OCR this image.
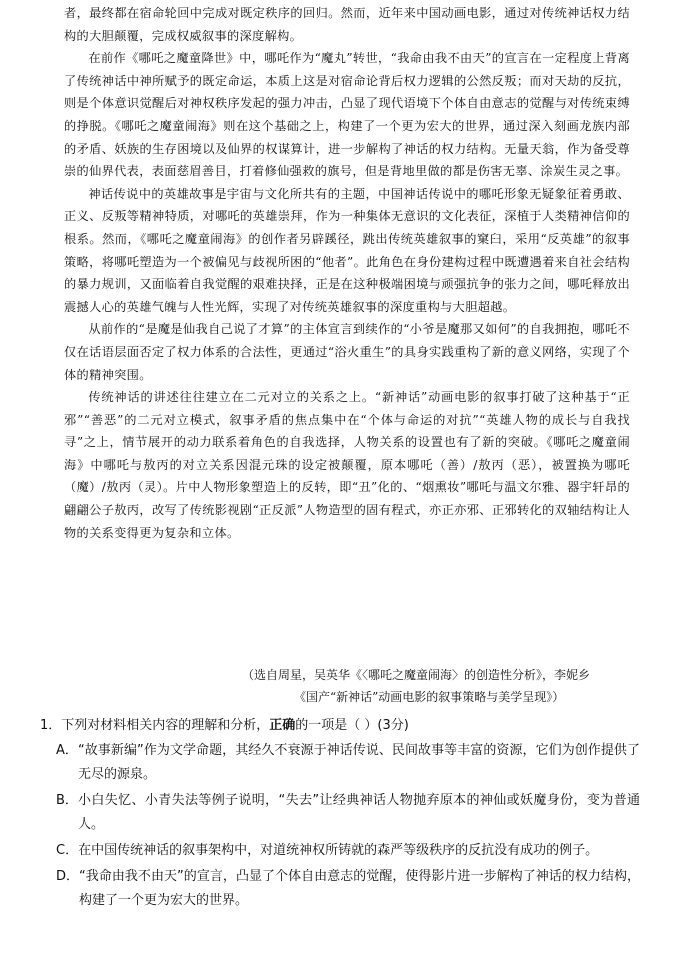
者，最终都在宿命轮回中完成对既定秩序的回归。然而，近年来中国动画电影，通过对传统神话权力结构的大胆颠覆，完成权威叙事的深度解构。

在前作《哪吒之魔童降世》中，哪吒作为“魔丸”转世，“我命由我不由天”的宣言在一定程度上背离了传统神话中神所赋予的既定命运，本质上这是对宿命论背后权力逻辑的公然反叛；而对天劫的反抗，则是个体意识觉醒后对神权秩序发起的强力冲击，凸显了现代语境下个体自由意志的觉醒与对传统束缚的挣脱。《哪吒之魔童闹海》则在这个基础之上，构建了一个更为宏大的世界，通过深入刻画龙族内部的矛盾、妖族的生存困境以及仙界的权谋算计，进一步解构了神话的权力结构。无量天翁，作为备受尊崇的仙界代表，表面慈眉善目，打着修仙强救的旗号，但是背地里做的都是伤害无辜、涂炭生灵之事。

神话传说中的英雄故事是宇宙与文化所共有的主题，中国神话传说中的哪吒形象无疑象征着勇敢、正义、反叛等精神特质，对哪吒的英雄崇拜，作为一种集体无意识的文化表征，深植于人类精神信仰的根系。然而，《哪吒之魔童闹海》的创作者另辟蹊径，跳出传统英雄叙事的窠臼，采用“反英雄”的叙事策略，将哪吒塑造为一个被偏见与歧视所困的“他者”。此角色在身份建构过程中既遭遇着来自社会结构的暴力规训，又面临着自我觉醒的艰难抉择，正是在这种极端困境与顽强抗争的张力之间，哪吒释放出震撼人心的英雄气魄与人性光辉，实现了对传统英雄叙事的深度重构与大胆超越。

从前作的“是魔是仙我自己说了才算”的主体宣言到续作的“小爷是魔那又如何”的自我拥抱，哪吒不仅在话语层面否定了权力体系的合法性，更通过“浴火重生”的具身实践重构了新的意义网络，实现了个体的精神突围。

传统神话的讲述往往建立在二元对立的关系之上。“新神话”动画电影的叙事打破了这种基于“正邪”“善恶”的二元对立模式，叙事矛盾的焦点集中在“个体与命运的对抗”“英雄人物的成长与自我找寻”之上，情节展开的动力联系着角色的自我选择，人物关系的设置也有了新的突破。《哪吒之魔童闹海》中哪吒与敖丙的对立关系因混元珠的设定被颠覆，原本哪吒（善）/敖丙（恶），被置换为哪吒（魔）/敖丙（灵）。片中人物形象塑造上的反转，即“丑”化的、“烟熏妆”哪吒与温文尔雅、器宇轩昂的翩翩公子敖丙，改写了传统影视剧“正反派”人物造型的固有程式，亦正亦邪、正邪转化的双轴结构让人物的关系变得更为复杂和立体。

（选自周星，吴英华《〈哪吒之魔童闹海〉的创造性分析》，李妮乡
《国产“新神话”动画电影的叙事策略与美学呈现》）
1．下列对材料相关内容的理解和分析，正确的一项是（ ）(3分)
A． “故事新编”作为文学命题，其经久不衰源于神话传说、民间故事等丰富的资源，它们为创作提供了无尽的源泉。
B． 小白失忆、小青失法等例子说明，“失去”让经典神话人物抛弃原本的神仙或妖魔身份，变为普通人。
C． 在中国传统神话的叙事架构中，对道统神权所铸就的森严等级秩序的反抗没有成功的例子。
D． “我命由我不由天”的宣言，凸显了个体自由意志的觉醒，使得影片进一步解构了神话的权力结构，构建了一个更为宏大的世界。
